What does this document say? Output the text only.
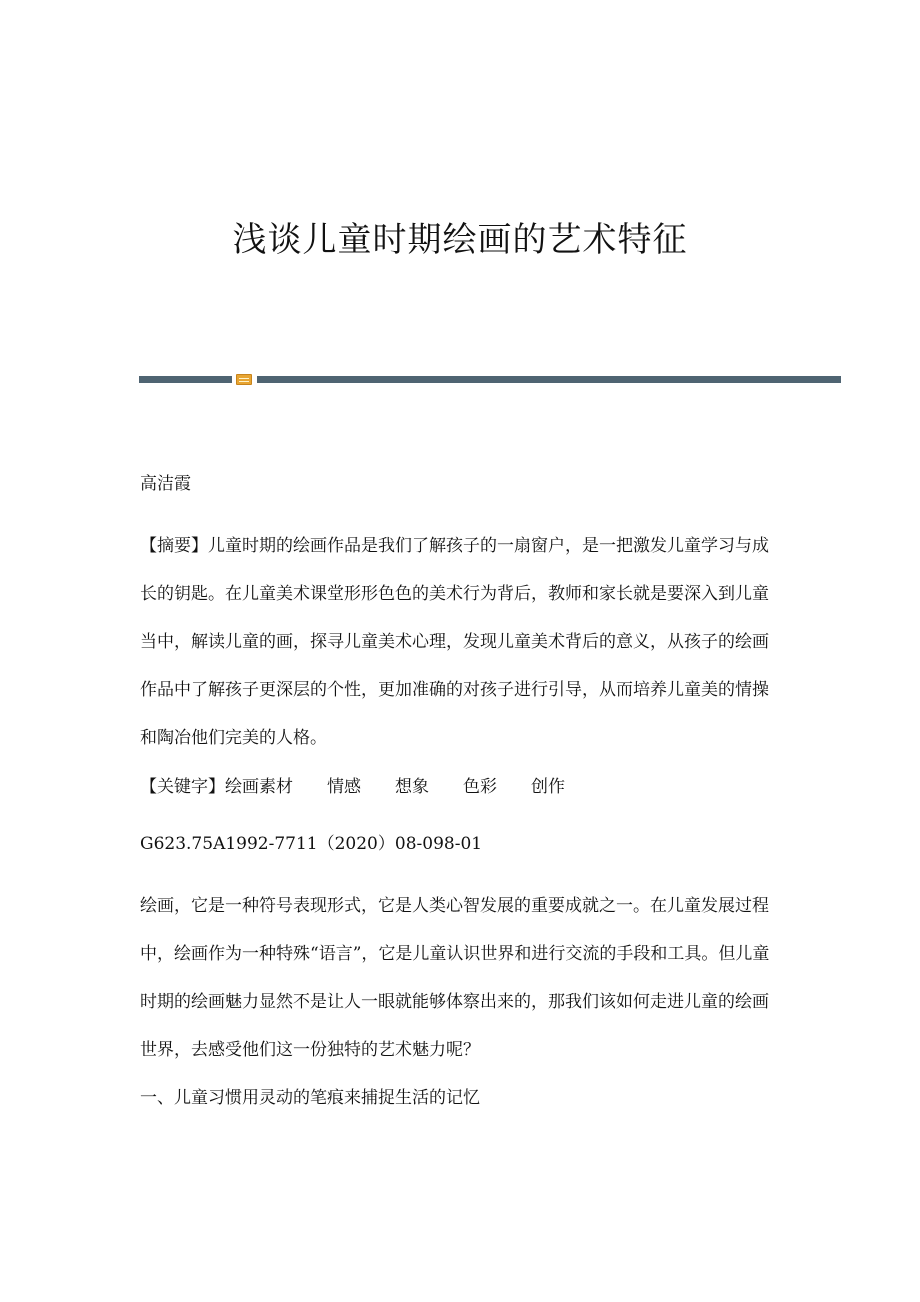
浅谈儿童时期绘画的艺术特征

高洁霞

【摘要】儿童时期的绘画作品是我们了解孩子的一扇窗户，是一把激发儿童学习与成长的钥匙。在儿童美术课堂形形色色的美术行为背后，教师和家长就是要深入到儿童当中，解读儿童的画，探寻儿童美术心理，发现儿童美术背后的意义，从孩子的绘画作品中了解孩子更深层的个性，更加准确的对孩子进行引导，从而培养儿童美的情操和陶冶他们完美的人格。

【关键字】绘画素材 情感 想象 色彩 创作

G623.75A1992-7711（2020）08-098-01

绘画，它是一种符号表现形式，它是人类心智发展的重要成就之一。在儿童发展过程中，绘画作为一种特殊“语言”，它是儿童认识世界和进行交流的手段和工具。但儿童时期的绘画魅力显然不是让人一眼就能够体察出来的，那我们该如何走进儿童的绘画世界，去感受他们这一份独特的艺术魅力呢？

一、儿童习惯用灵动的笔痕来捕捉生活的记忆
